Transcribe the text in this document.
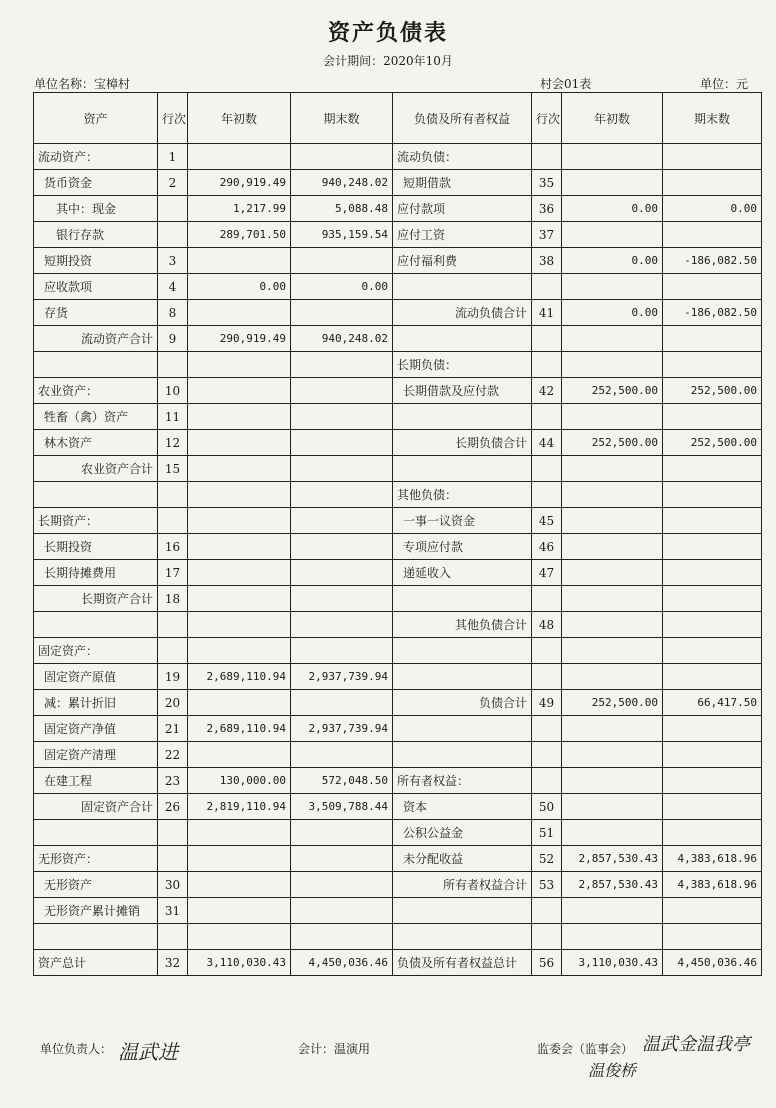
资产负债表
会计期间：2020年10月
单位名称：宝樟村	村会01表	单位：元
资产	行次	年初数	期末数	负债及所有者权益	行次	年初数	期末数
流动资产：	1			流动负债：			
货币资金	2	290,919.49	940,248.02	短期借款	35		
其中：现金		1,217.99	5,088.48	应付款项	36	0.00	0.00
银行存款		289,701.50	935,159.54	应付工资	37		
短期投资	3			应付福利费	38	0.00	-186,082.50
应收款项	4	0.00	0.00				
存货	8			流动负债合计	41	0.00	-186,082.50
流动资产合计	9	290,919.49	940,248.02				
				长期负债：			
农业资产：	10			长期借款及应付款	42	252,500.00	252,500.00
牲畜（禽）资产	11						
林木资产	12			长期负债合计	44	252,500.00	252,500.00
农业资产合计	15						
				其他负债：			
长期资产：				一事一议资金	45		
长期投资	16			专项应付款	46		
长期待摊费用	17			递延收入	47		
长期资产合计	18						
				其他负债合计	48		
固定资产：							
固定资产原值	19	2,689,110.94	2,937,739.94				
减：累计折旧	20			负债合计	49	252,500.00	66,417.50
固定资产净值	21	2,689,110.94	2,937,739.94				
固定资产清理	22						
在建工程	23	130,000.00	572,048.50	所有者权益：			
固定资产合计	26	2,819,110.94	3,509,788.44	资本	50		
				公积公益金	51		
无形资产：				未分配收益	52	2,857,530.43	4,383,618.96
无形资产	30			所有者权益合计	53	2,857,530.43	4,383,618.96
无形资产累计摊销	31						

资产总计	32	3,110,030.43	4,450,036.46	负债及所有者权益总计	56	3,110,030.43	4,450,036.46
单位负责人：	会计：温演用	监委会（监事会）
温武进	温武金温我亭
温俊桥
